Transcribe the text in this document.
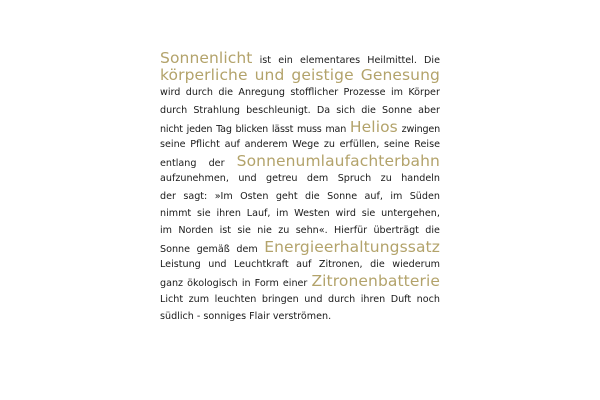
Sonnenlicht ist ein elementares Heilmittel. Die
körperliche und geistige Genesung
wird durch die Anregung stofflicher Prozesse im Körper
durch Strahlung beschleunigt. Da sich die Sonne aber
nicht jeden Tag blicken lässt muss man Helios zwingen
seine Pflicht auf anderem Wege zu erfüllen, seine Reise
entlang der Sonnenumlaufachterbahn
aufzunehmen, und getreu dem Spruch zu handeln
der sagt: »Im Osten geht die Sonne auf, im Süden
nimmt sie ihren Lauf, im Westen wird sie untergehen,
im Norden ist sie nie zu sehn«. Hierfür überträgt die
Sonne gemäß dem Energieerhaltungssatz
Leistung und Leuchtkraft auf Zitronen, die wiederum
ganz ökologisch in Form einer Zitronenbatterie
Licht zum leuchten bringen und durch ihren Duft noch
südlich - sonniges Flair verströmen.
